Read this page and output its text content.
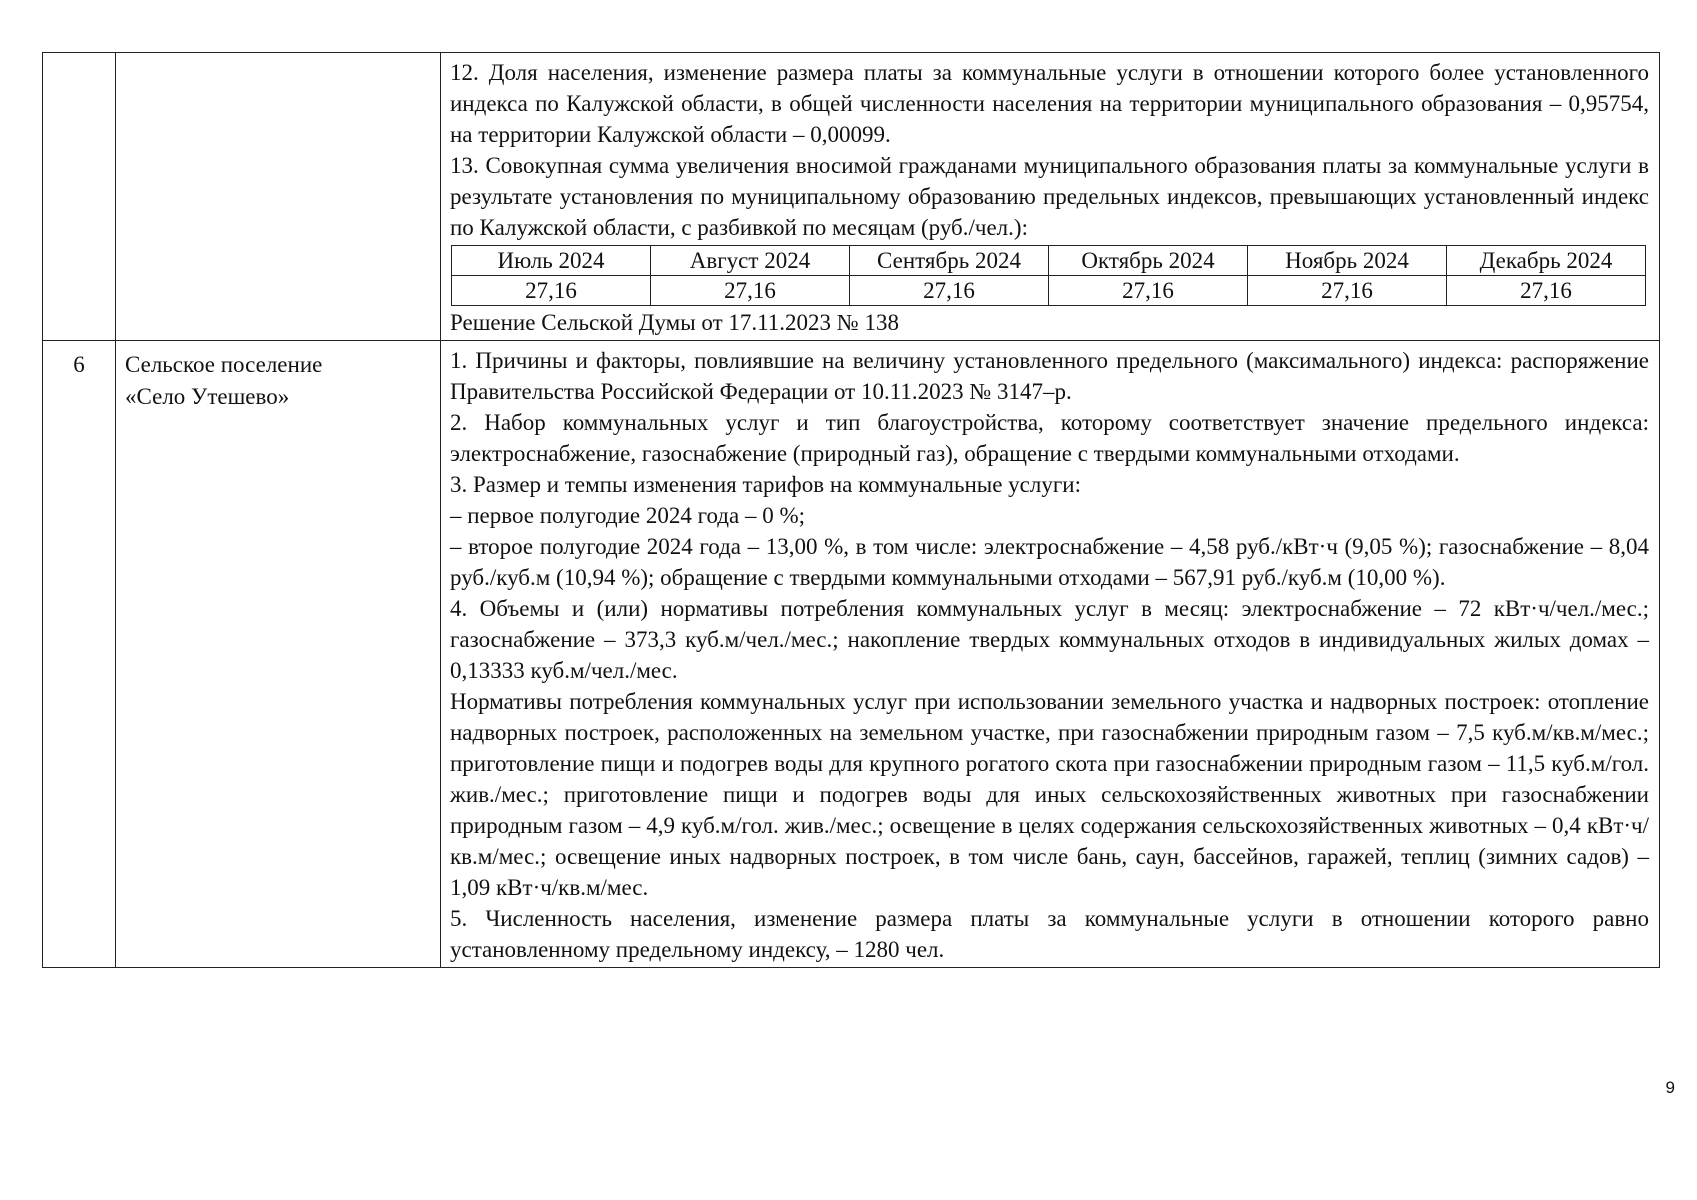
12. Доля населения, изменение размера платы за коммунальные услуги в отношении которого более установленного индекса по Калужской области, в общей численности населения на территории муниципального образования – 0,95754, на территории Калужской области – 0,00099.

13. Совокупная сумма увеличения вносимой гражданами муниципального образования платы за коммунальные услуги в результате установления по муниципальному образованию предельных индексов, превышающих установленный индекс по Калужской области, с разбивкой по месяцам (руб./чел.):

Июль 2024	Август 2024	Сентябрь 2024	Октябрь 2024	Ноябрь 2024	Декабрь 2024
27,16	27,16	27,16	27,16	27,16	27,16

Решение Сельской Думы от 17.11.2023 № 138

6	Сельское поселение
«Село Утешево»

1. Причины и факторы, повлиявшие на величину установленного предельного (максимального) индекса: распоряжение Правительства Российской Федерации от 10.11.2023 № 3147–р.

2. Набор коммунальных услуг и тип благоустройства, которому соответствует значение предельного индекса: электроснабжение, газоснабжение (природный газ), обращение с твердыми коммунальными отходами.

3. Размер и темпы изменения тарифов на коммунальные услуги:

– первое полугодие 2024 года – 0 %;

– второе полугодие 2024 года – 13,00 %, в том числе: электроснабжение – 4,58 руб./кВт·ч (9,05 %); газоснабжение – 8,04 руб./куб.м (10,94 %); обращение с твердыми коммунальными отходами – 567,91 руб./куб.м (10,00 %).

4. Объемы и (или) нормативы потребления коммунальных услуг в месяц: электроснабжение – 72 кВт·ч/чел./мес.; газоснабжение – 373,3 куб.м/чел./мес.; накопление твердых коммунальных отходов в индивидуальных жилых домах – 0,13333 куб.м/чел./мес.

Нормативы потребления коммунальных услуг при использовании земельного участка и надворных построек: отопление надворных построек, расположенных на земельном участке, при газоснабжении природным газом – 7,5 куб.м/кв.м/мес.; приготовление пищи и подогрев воды для крупного рогатого скота при газоснабжении природным газом – 11,5 куб.м/гол. жив./мес.; приготовление пищи и подогрев воды для иных сельскохозяйственных животных при газоснабжении природным газом – 4,9 куб.м/гол. жив./мес.; освещение в целях содержания сельскохозяйственных животных – 0,4 кВт·ч/кв.м/мес.; освещение иных надворных построек, в том числе бань, саун, бассейнов, гаражей, теплиц (зимних садов) – 1,09 кВт·ч/кв.м/мес.

5. Численность населения, изменение размера платы за коммунальные услуги в отношении которого равно установленному предельному индексу, – 1280 чел.

9
